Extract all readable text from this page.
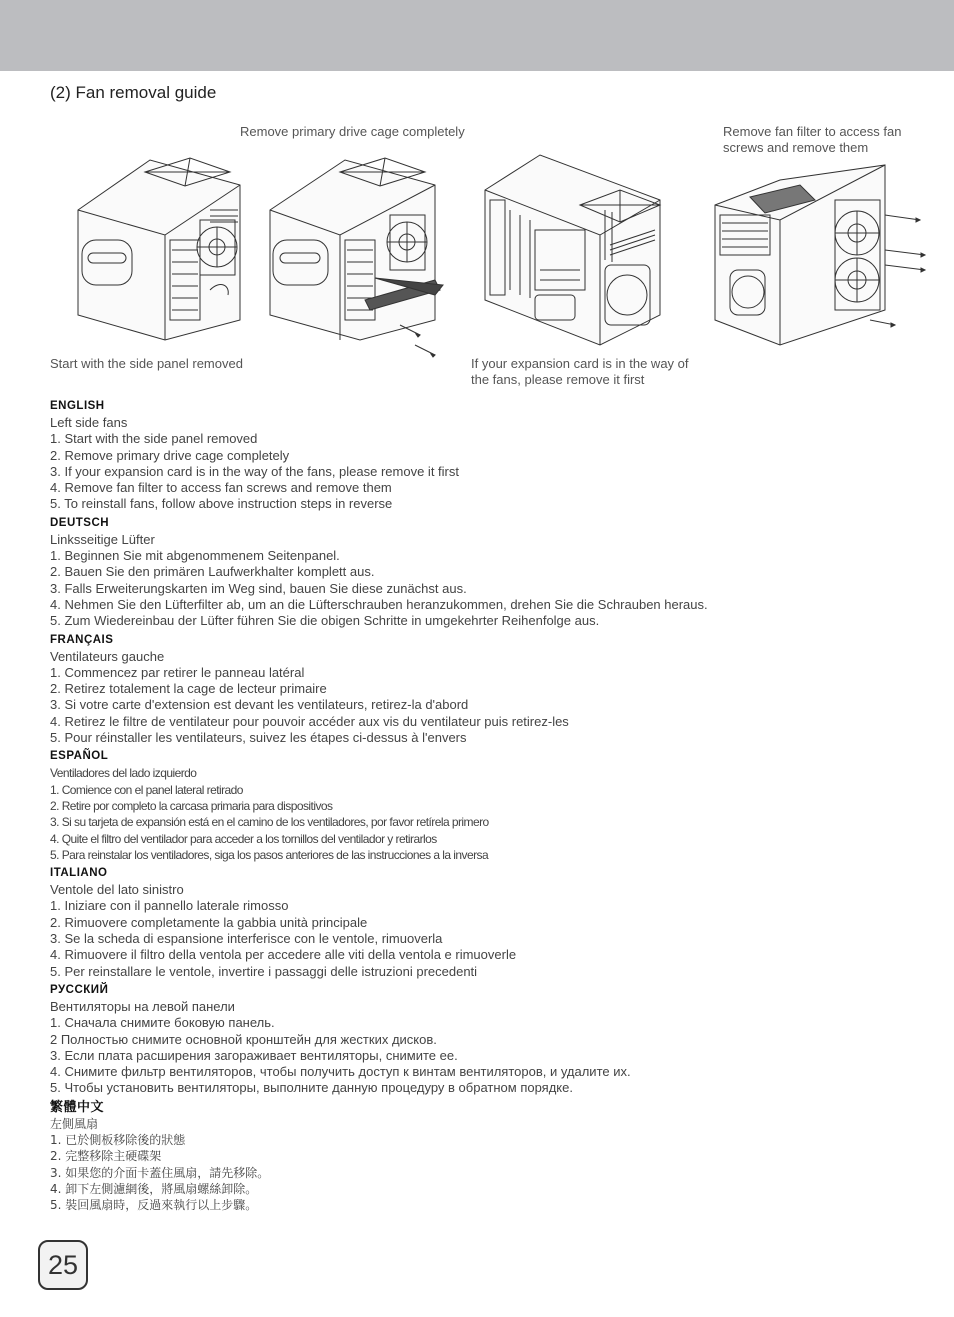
(2) Fan removal guide
Remove primary drive cage completely	Remove fan filter to access fan screws and remove them
Start with the side panel removed	If your expansion card is in the way of the fans, please remove it first
ENGLISH
Left side fans
1. Start with the side panel removed
2. Remove primary drive cage completely
3. If your expansion card is in the way of the fans, please remove it first
4. Remove fan filter to access fan screws and remove them
5. To reinstall fans, follow above instruction steps in reverse
DEUTSCH
Linksseitige Lüfter
1. Beginnen Sie mit abgenommenem Seitenpanel.
2. Bauen Sie den primären Laufwerkhalter komplett aus.
3. Falls Erweiterungskarten im Weg sind, bauen Sie diese zunächst aus.
4. Nehmen Sie den Lüfterfilter ab, um an die Lüfterschrauben heranzukommen, drehen Sie die Schrauben heraus.
5. Zum Wiedereinbau der Lüfter führen Sie die obigen Schritte in umgekehrter Reihenfolge aus.
FRANÇAIS
Ventilateurs gauche
1. Commencez par retirer le panneau latéral
2. Retirez totalement la cage de lecteur primaire
3. Si votre carte d'extension est devant les ventilateurs, retirez-la d'abord
4. Retirez le filtre de ventilateur pour pouvoir accéder aux vis du ventilateur puis retirez-les
5. Pour réinstaller les ventilateurs, suivez les étapes ci-dessus à l'envers
ESPAÑOL
Ventiladores del lado izquierdo
1. Comience con el panel lateral retirado
2. Retire por completo la carcasa primaria para dispositivos
3. Si su tarjeta de expansión está en el camino de los ventiladores, por favor retírela primero
4. Quite el filtro del ventilador para acceder a los tornillos del ventilador y retirarlos
5. Para reinstalar los ventiladores, siga los pasos anteriores de las instrucciones a la inversa
ITALIANO
Ventole del lato sinistro
1. Iniziare con il pannello laterale rimosso
2. Rimuovere completamente la gabbia unità principale
3. Se la scheda di espansione interferisce con le ventole, rimuoverla
4. Rimuovere il filtro della ventola per accedere alle viti della ventola e rimuoverle
5. Per reinstallare le ventole, invertire i passaggi delle istruzioni precedenti
РУССКИЙ
Вентиляторы на левой панели
1. Сначала снимите боковую панель.
2 Полностью снимите основной кронштейн для жестких дисков.
3. Если плата расширения загораживает вентиляторы, снимите ее.
4. Снимите фильтр вентиляторов, чтобы получить доступ к винтам вентиляторов, и удалите их.
5. Чтобы установить вентиляторы, выполните данную процедуру в обратном порядке.
繁體中文
左側風扇
1. 已於側板移除後的狀態
2. 完整移除主硬碟架
3. 如果您的介面卡蓋住風扇，請先移除。
4. 卸下左側濾網後，將風扇螺絲卸除。
5. 裝回風扇時，反過來執行以上步驟。
25
